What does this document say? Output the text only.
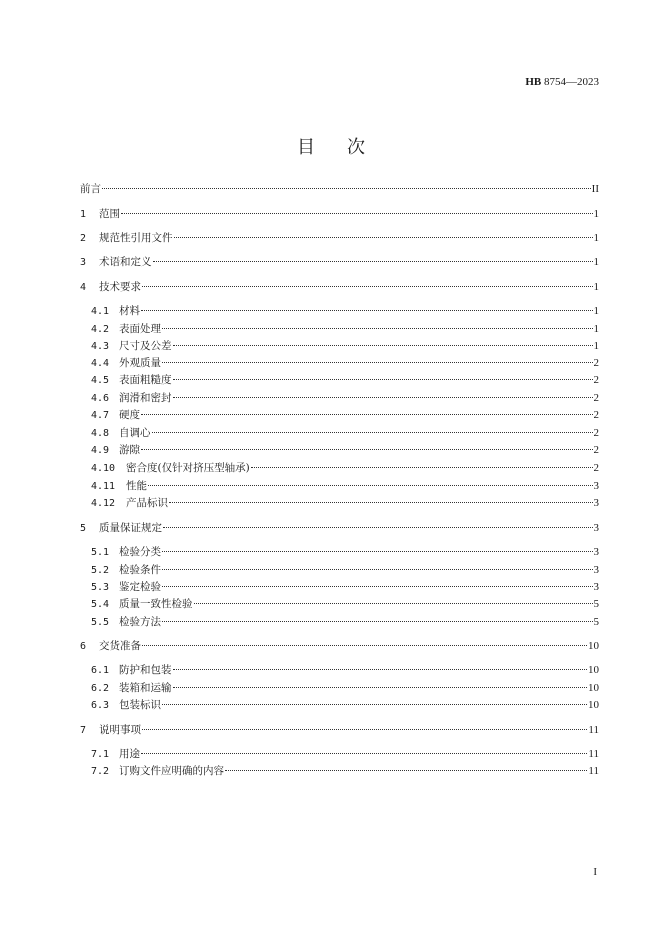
HB 8754—2023
目次
前言	II
1	范围	1
2	规范性引用文件	1
3	术语和定义	1
4	技术要求	1
4.1 材料	1
4.2 表面处理	1
4.3 尺寸及公差	1
4.4 外观质量	2
4.5 表面粗糙度	2
4.6 润滑和密封	2
4.7 硬度	2
4.8 自调心	2
4.9 游隙	2
4.10	密合度(仅针对挤压型轴承)	2
4.11	性能	3
4.12	产品标识	3
5	质量保证规定	3
5.1 检验分类	3
5.2 检验条件	3
5.3 鉴定检验	3
5.4 质量一致性检验	5
5.5 检验方法	5
6	交货准备	10
6.1 防护和包装	10
6.2 装箱和运输	10
6.3 包装标识	10
7	说明事项	11
7.1 用途	11
7.2 订购文件应明确的内容	11
I
